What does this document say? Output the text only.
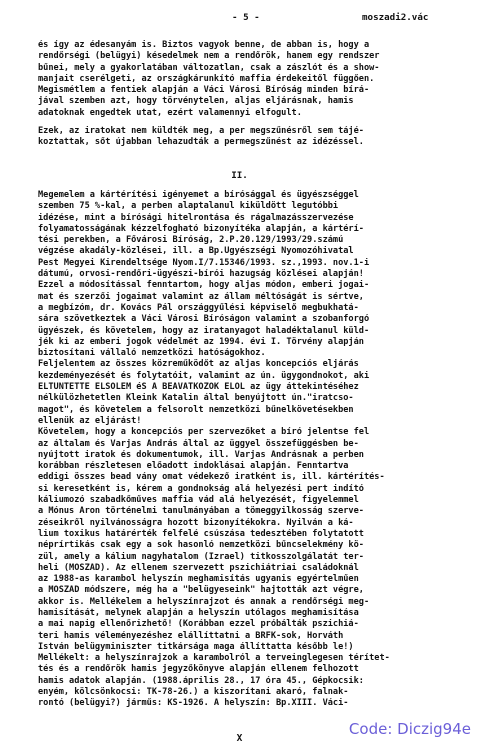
- 5 -	moszadi2.vác
és így az édesanyám is. Biztos vagyok benne, de abban is, hogy a
rendőrségi (belügyi) késedelmek nem a rendőrök, hanem egy rendszer
bűnei, mely a gyakorlatában változatlan, csak a zászlót és a show-
manjait cserélgeti, az országkárunkító maffia érdekeitől függően.
Megismétlem a fentiek alapján a Váci Városi Bíróság minden bírá-
jával szemben azt, hogy törvénytelen, aljas eljárásnak, hamis
adatoknak engedtek utat, ezért valamennyi elfogult.
Ezek, az iratokat nem küldték meg, a per megszűnésről sem tájé-
koztattak, sőt újabban lehazudták a permegszűnést az idézéssel.
II.
Megemelem a kártérítési igényemet a bírósággal és ügyészséggel
szemben 75 %-kal, a perben alaptalanul kiküldött legutóbbi
idézése, mint a bírósági hitelrontása és rágalmazásszervezése
folyamatosságának kézzelfogható bizonyítéka alapján, a kártérí-
tési perekben, a Fővárosi Bíróság, 2.P.20.129/1993/29.számú
végzése akadály-közlései, ill. a Bp.Ügyészségi Nyomozóhivatal
Pest Megyei Kirendeltsége Nyom.I/7.15346/1993. sz.,1993. nov.1-i
dátumú, orvosi-rendőri-ügyészi-bírói hazugság közlései alapján!
Ezzel a módosítással fenntartom, hogy aljas módon, emberi jogai-
mat és szerzői jogaimat valamint az állam méltóságát is sértve,
a megbízóm, dr. Kovács Pál országgyűlési képviselő megbukhatá-
sára szövetkeztek a Váci Városi Bíróságon valamint a szobanforgó
ügyészek, és követelem, hogy az iratanyagot haladéktalanul küld-
jék ki az emberi jogok védelmét az 1994. évi I. Törvény alapján
biztosítani vállaló nemzetközi hatóságokhoz.
Feljelentem az összes közreműködőt az aljas koncepciós eljárás
kezdeményezését és folytatóit, valamint az ún. ügygondnokot, aki
ELTÜNTETTE ELSŐLEM éS A BEAVATKOZÓK ELŐL az ügy áttekintéséhez
nélkülözhetetlen Kleink Katalin által benyújtott ún."iratcso-
magot", és követelem a felsorolt nemzetközi bűnelkövetésekben
ellenük az eljárást!
Követelem, hogy a koncepciós per szervezőket a bíró jelentse fel
az általam és Varjas András által az üggyel összefüggésben be-
nyújtott iratok és dokumentumok, ill. Varjas Andrásnak a perben
korábban részletesen előadott indoklásai alapján. Fenntartva
eddigi összes bead vány omat védekező iratként is, ill. kártérítés-
si keresetként is, kérem a gondnokság alá helyezési pert indító
káliumozó szabadkőműves maffia vád alá helyezését, figyelemmel
a Mónus Áron történelmi tanulmányában a tömeggyilkosság szerve-
zéseikről nyilvánosságra hozott bizonyítékokra. Nyilván a ká-
lium toxikus határérték felfelé csúszása tedesztében folytatott
néprírtikás csak egy a sok hasonló nemzetközi bűncselekmény kö-
zül, amely a kálium nagyhatalom (Izrael) titkosszolgálatát ter-
heli (MOSZAD). Az ellenem szervezett pszichiátriai családoknál
az 1988-as karambol helyszín meghamisítás ugyanis egyértelműen
a MOSZAD módszere, még ha a "belügyeseink" hajtották azt végre,
akkor is. Mellékelem a helyszínrajzot és annak a rendőrségi meg-
hamisítását, melynek alapján a helyszín utólagos meghamisítása
a mai napig ellenőrizhető! (Korábban ezzel próbálták pszichiá-
teri hamis véleményezéshez elállíttatni a BRFK-sok, Horváth
István belügyminiszter titkársága maga állíttatta később le!)
Mellékelt: a helyszínrajzok a karambolról a terveinglegesen térítet-
tés és a rendőrök hamis jegyzőkönyve alapján ellenem felhozott
hamis adatok alapján. (1988.április 28., 17 óra 45., Gépkocsik:
enyém, kölcsönkocsi: TK-78-26.) a kiszorítani akaró, falnak-
rontó (belügyi?) járműs: KS-1926. A helyszín: Bp.XIII. Váci-
X
Code: Diczig94e
